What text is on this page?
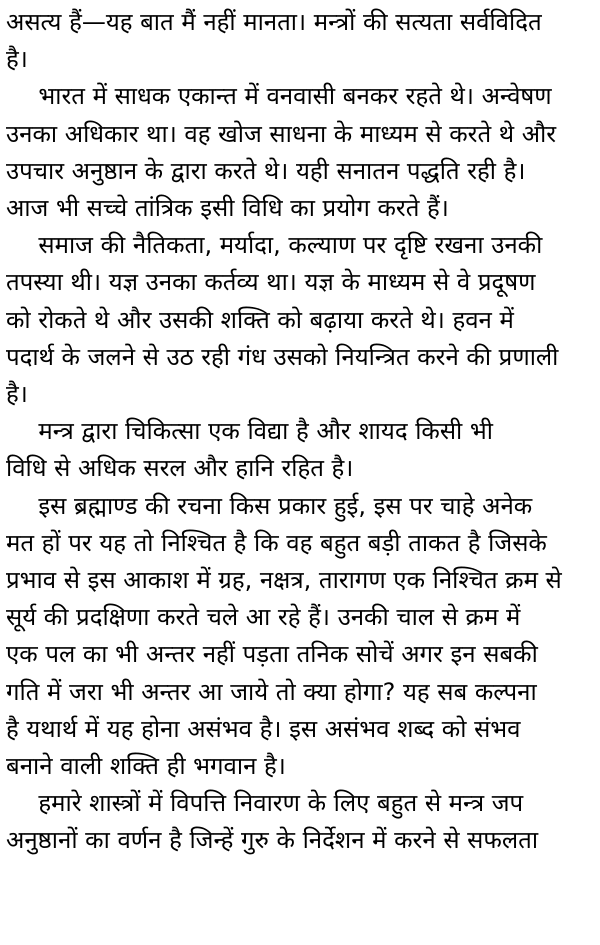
असत्य हैं—यह बात मैं नहीं मानता। मन्त्रों की सत्यता सर्वविदित
है।
भारत में साधक एकान्त में वनवासी बनकर रहते थे। अन्वेषण
उनका अधिकार था। वह खोज साधना के माध्यम से करते थे और
उपचार अनुष्ठान के द्वारा करते थे। यही सनातन पद्धति रही है।
आज भी सच्चे तांत्रिक इसी विधि का प्रयोग करते हैं।
समाज की नैतिकता, मर्यादा, कल्याण पर दृष्टि रखना उनकी
तपस्या थी। यज्ञ उनका कर्तव्य था। यज्ञ के माध्यम से वे प्रदूषण
को रोकते थे और उसकी शक्ति को बढ़ाया करते थे। हवन में
पदार्थ के जलने से उठ रही गंध उसको नियन्त्रित करने की प्रणाली
है।
मन्त्र द्वारा चिकित्सा एक विद्या है और शायद किसी भी
विधि से अधिक सरल और हानि रहित है।
इस ब्रह्माण्ड की रचना किस प्रकार हुई, इस पर चाहे अनेक
मत हों पर यह तो निश्चित है कि वह बहुत बड़ी ताकत है जिसके
प्रभाव से इस आकाश में ग्रह, नक्षत्र, तारागण एक निश्चित क्रम से
सूर्य की प्रदक्षिणा करते चले आ रहे हैं। उनकी चाल से क्रम में
एक पल का भी अन्तर नहीं पड़ता तनिक सोचें अगर इन सबकी
गति में जरा भी अन्तर आ जाये तो क्या होगा? यह सब कल्पना
है यथार्थ में यह होना असंभव है। इस असंभव शब्द को संभव
बनाने वाली शक्ति ही भगवान है।
हमारे शास्त्रों में विपत्ति निवारण के लिए बहुत से मन्त्र जप
अनुष्ठानों का वर्णन है जिन्हें गुरु के निर्देशन में करने से सफलता
